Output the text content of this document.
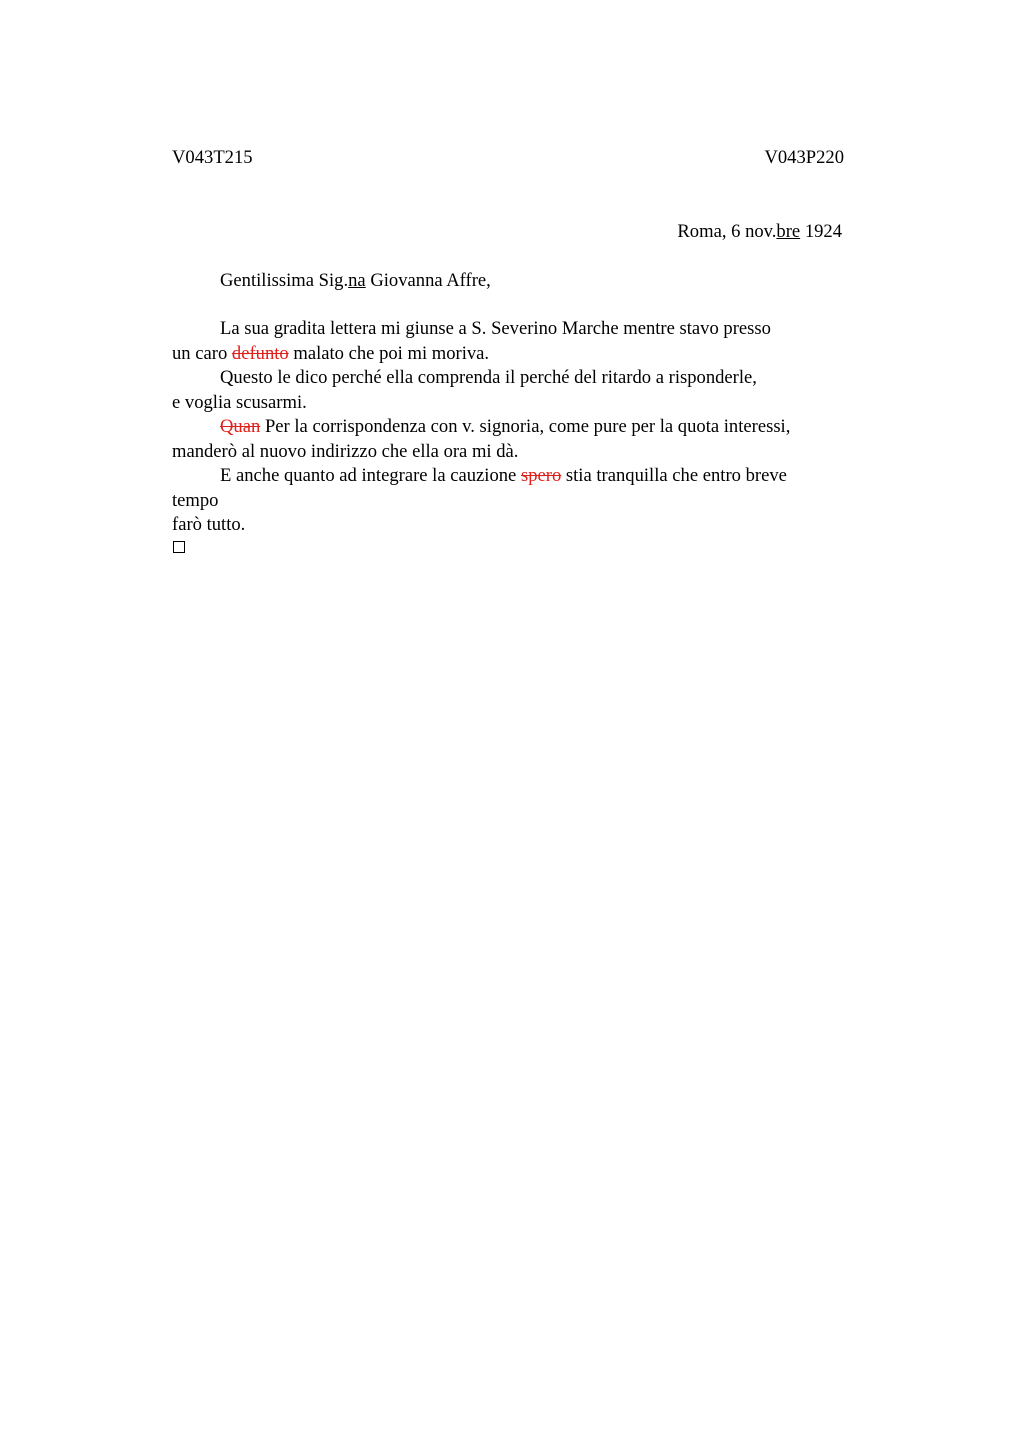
V043T215	V043P220
Roma, 6 nov.bre 1924
Gentilissima Sig.na Giovanna Affre,
La sua gradita lettera mi giunse a S. Severino Marche mentre stavo presso
un caro defunto malato che poi mi moriva.
Questo le dico perché ella comprenda il perché del ritardo a risponderle,
e voglia scusarmi.
Quan Per la corrispondenza con v. signoria, come pure per la quota interessi,
manderò al nuovo indirizzo che ella ora mi dà.
E anche quanto ad integrare la cauzione spero stia tranquilla che entro breve
tempo
farò tutto.
